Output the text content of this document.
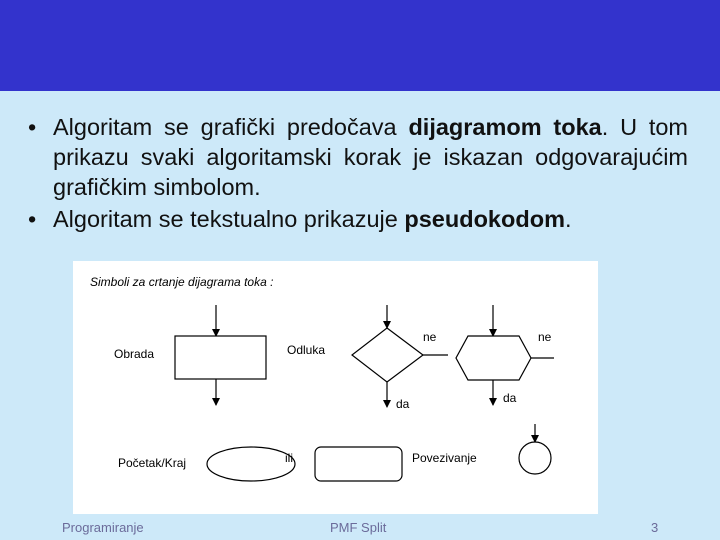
• Algoritam se grafički predočava dijagramom toka. U tom prikazu svaki algoritamski korak je iskazan odgovarajućim grafičkim simbolom.
• Algoritam se tekstualno prikazuje pseudokodom.
Simboli za crtanje dijagrama toka :
Obrada	Odluka
ne
da
ne
da
Početak/Kraj	ili	Povezivanje
Programiranje	PMF Split	3
